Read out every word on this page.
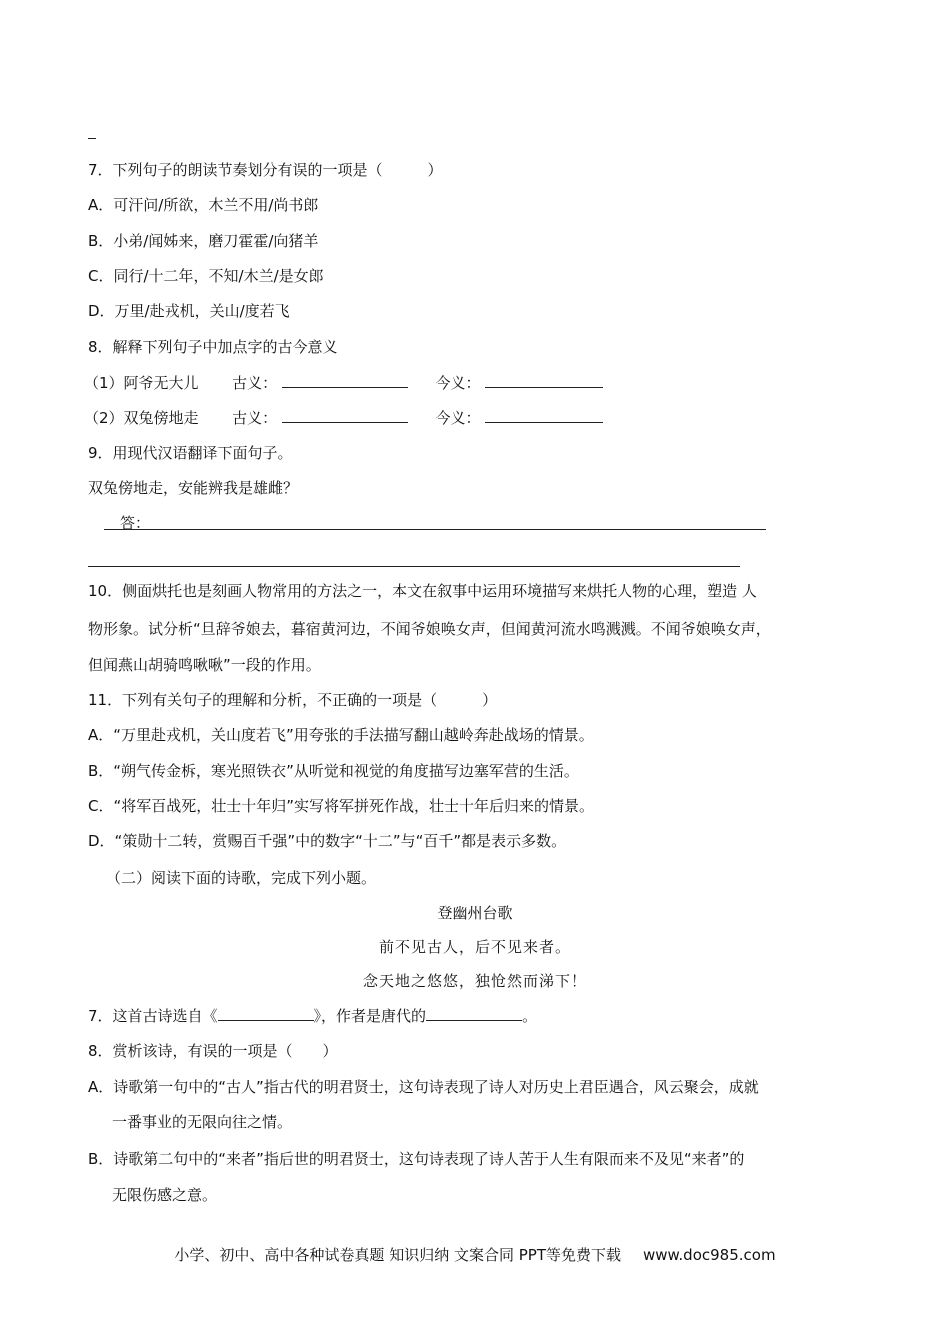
7．下列句子的朗读节奏划分有误的一项是（　　　）
A．可汗问/所欲，木兰不用/尚书郎
B．小弟/闻姊来，磨刀霍霍/向猪羊
C．同行/十二年，不知/木兰/是女郎
D．万里/赴戎机，关山/度若飞
8．解释下列句子中加点字的古今意义
（1）阿爷无大儿 古义：	今义：
（2）双兔傍地走 古义：	今义：
9．用现代汉语翻译下面句子。
双兔傍地走，安能辨我是雄雌？
答：
10．侧面烘托也是刻画人物常用的方法之一，本文在叙事中运用环境描写来烘托人物的心理，塑造 人
物形象。试分析“旦辞爷娘去，暮宿黄河边，不闻爷娘唤女声，但闻黄河流水鸣溅溅。不闻爷娘唤女声，
但闻燕山胡骑鸣啾啾”一段的作用。
11．下列有关句子的理解和分析，不正确的一项是（　　　）
A．“万里赴戎机，关山度若飞”用夸张的手法描写翻山越岭奔赴战场的情景。
B．“朔气传金柝，寒光照铁衣”从听觉和视觉的角度描写边塞军营的生活。
C．“将军百战死，壮士十年归”实写将军拼死作战，壮士十年后归来的情景。
D．“策勋十二转，赏赐百千强”中的数字“十二”与“百千”都是表示多数。
（二）阅读下面的诗歌，完成下列小题。
登幽州台歌
前不见古人，后不见来者。
念天地之悠悠，独怆然而涕下！
7．这首古诗选自《	》，作者是唐代的	。
8．赏析该诗，有误的一项是（　　）
A．诗歌第一句中的“古人”指古代的明君贤士，这句诗表现了诗人对历史上君臣遇合，风云聚会，成就
一番事业的无限向往之情。
B．诗歌第二句中的“来者”指后世的明君贤士，这句诗表现了诗人苦于人生有限而来不及见“来者”的
无限伤感之意。
小学、初中、高中各种试卷真题 知识归纳 文案合同 PPT等免费下载 www.doc985.com
